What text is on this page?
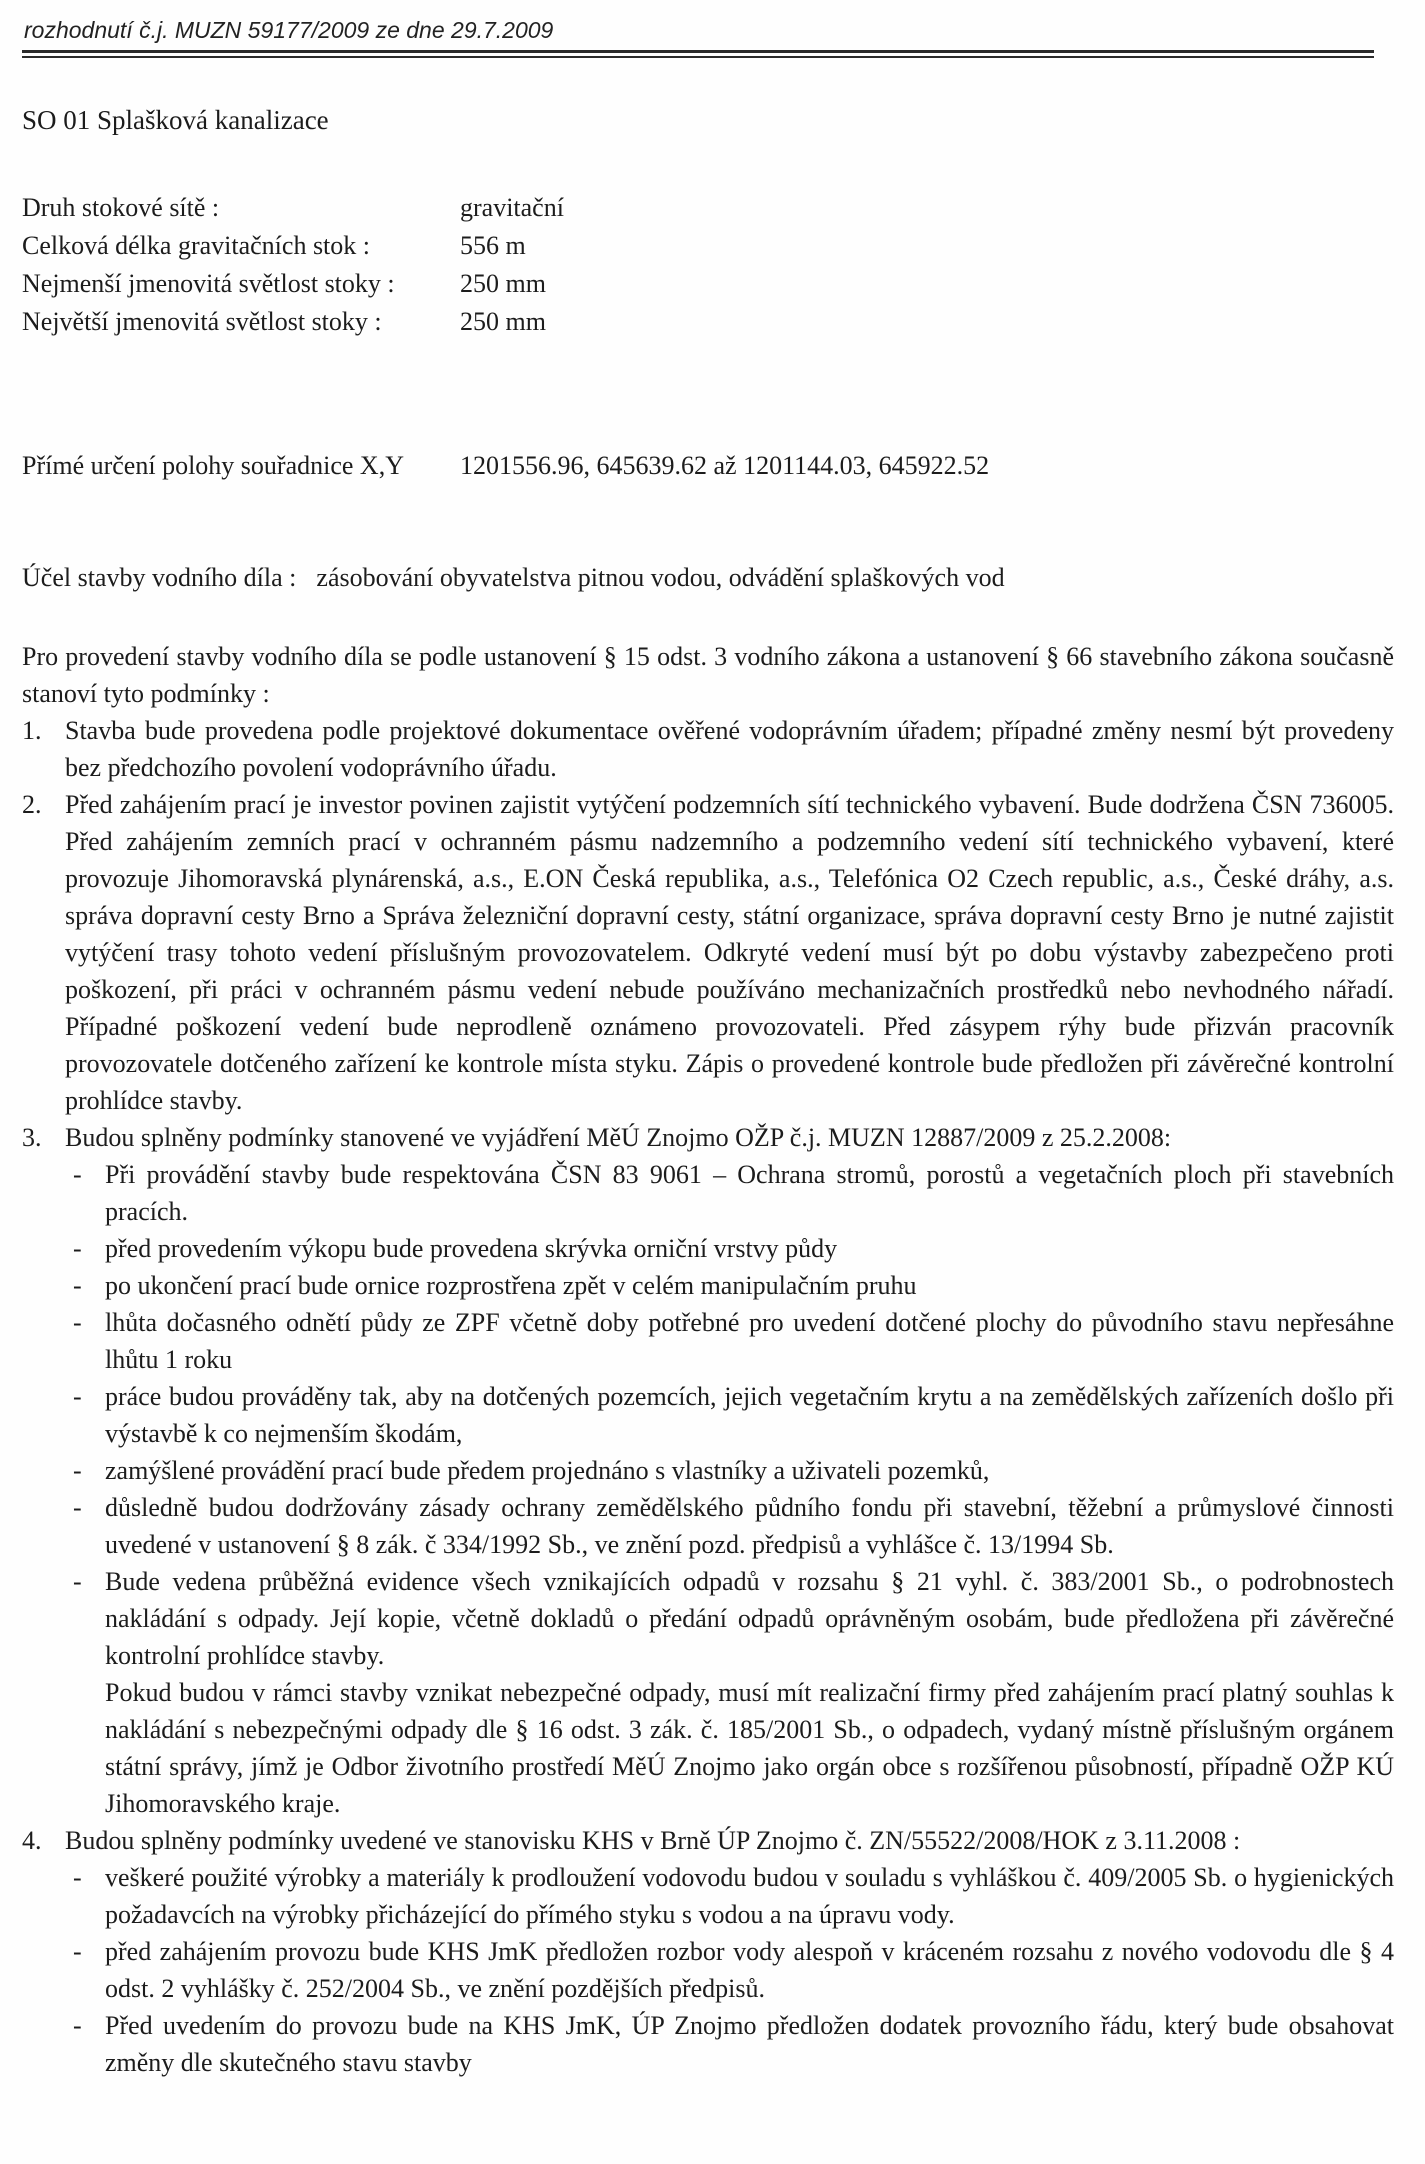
rozhodnutí č.j. MUZN 59177/2009 ze dne 29.7.2009
SO 01 Splašková kanalizace
Druh stokové sítě :	gravitační
Celková délka gravitačních stok :	556 m
Nejmenší jmenovitá světlost stoky :	250 mm
Největší jmenovitá světlost stoky :	250 mm
Přímé určení polohy souřadnice X,Y	1201556.96, 645639.62 až 1201144.03, 645922.52
Účel stavby vodního díla : zásobování obyvatelstva pitnou vodou, odvádění splaškových vod
Pro provedení stavby vodního díla se podle ustanovení § 15 odst. 3 vodního zákona a ustanovení § 66 stavebního zákona současně stanoví tyto podmínky :
1. Stavba bude provedena podle projektové dokumentace ověřené vodoprávním úřadem; případné změny nesmí být provedeny bez předchozího povolení vodoprávního úřadu.
2. Před zahájením prací je investor povinen zajistit vytýčení podzemních sítí technického vybavení. Bude dodržena ČSN 736005. Před zahájením zemních prací v ochranném pásmu nadzemního a podzemního vedení sítí technického vybavení, které provozuje Jihomoravská plynárenská, a.s., E.ON Česká republika, a.s., Telefónica O2 Czech republic, a.s., České dráhy, a.s. správa dopravní cesty Brno a Správa železniční dopravní cesty, státní organizace, správa dopravní cesty Brno je nutné zajistit vytýčení trasy tohoto vedení příslušným provozovatelem. Odkryté vedení musí být po dobu výstavby zabezpečeno proti poškození, při práci v ochranném pásmu vedení nebude používáno mechanizačních prostředků nebo nevhodného nářadí. Případné poškození vedení bude neprodleně oznámeno provozovateli. Před zásypem rýhy bude přizván pracovník provozovatele dotčeného zařízení ke kontrole místa styku. Zápis o provedené kontrole bude předložen při závěrečné kontrolní prohlídce stavby.
3. Budou splněny podmínky stanovené ve vyjádření MěÚ Znojmo OŽP č.j. MUZN 12887/2009 z 25.2.2008:
- Při provádění stavby bude respektována ČSN 83 9061 – Ochrana stromů, porostů a vegetačních ploch při stavebních pracích.
- před provedením výkopu bude provedena skrývka orniční vrstvy půdy
- po ukončení prací bude ornice rozprostřena zpět v celém manipulačním pruhu
- lhůta dočasného odnětí půdy ze ZPF včetně doby potřebné pro uvedení dotčené plochy do původního stavu nepřesáhne lhůtu 1 roku
- práce budou prováděny tak, aby na dotčených pozemcích, jejich vegetačním krytu a na zemědělských zařízeních došlo při výstavbě k co nejmenším škodám,
- zamýšlené provádění prací bude předem projednáno s vlastníky a uživateli pozemků,
- důsledně budou dodržovány zásady ochrany zemědělského půdního fondu při stavební, těžební a průmyslové činnosti uvedené v ustanovení § 8 zák. č 334/1992 Sb., ve znění pozd. předpisů a vyhlášce č. 13/1994 Sb.
- Bude vedena průběžná evidence všech vznikajících odpadů v rozsahu § 21 vyhl. č. 383/2001 Sb., o podrobnostech nakládání s odpady. Její kopie, včetně dokladů o předání odpadů oprávněným osobám, bude předložena při závěrečné kontrolní prohlídce stavby.
Pokud budou v rámci stavby vznikat nebezpečné odpady, musí mít realizační firmy před zahájením prací platný souhlas k nakládání s nebezpečnými odpady dle § 16 odst. 3 zák. č. 185/2001 Sb., o odpadech, vydaný místně příslušným orgánem státní správy, jímž je Odbor životního prostředí MěÚ Znojmo jako orgán obce s rozšířenou působností, případně OŽP KÚ Jihomoravského kraje.
4. Budou splněny podmínky uvedené ve stanovisku KHS v Brně ÚP Znojmo č. ZN/55522/2008/HOK z 3.11.2008 :
- veškeré použité výrobky a materiály k prodloužení vodovodu budou v souladu s vyhláškou č. 409/2005 Sb. o hygienických požadavcích na výrobky přicházející do přímého styku s vodou a na úpravu vody.
- před zahájením provozu bude KHS JmK předložen rozbor vody alespoň v kráceném rozsahu z nového vodovodu dle § 4 odst. 2 vyhlášky č. 252/2004 Sb., ve znění pozdějších předpisů.
- Před uvedením do provozu bude na KHS JmK, ÚP Znojmo předložen dodatek provozního řádu, který bude obsahovat změny dle skutečného stavu stavby
